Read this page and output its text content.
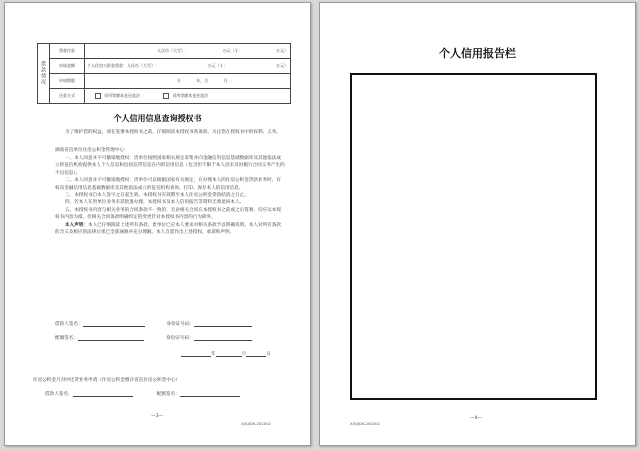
借款情况	贷款付款	人民币（大写）： 万元（￥： 万元）

	申请金额	个人住房公积金贷款：人民币（大写）： 万元（￥： 万元）

	申请期限	计 年，合 月
	还款方式	采用等额本息还款法 采用等额本金还款法
个人信用信息查询授权书
为了维护您的权益，请在签署本授权书之前，仔细阅读本授权书各条款，关注您在授权书中的权利、义务。
湖南省直单位住房公积金管理中心：
一、本人同意并不可撤销地授权：贵单位按照国家相关规定采集并向金融信用信息基础数据库及其他依法成立的征信机构提供本人个人信息和包括信贷信息在内的信用信息（包含但不限于本人因未及时履行合同义务产生的不良信息）。
二、本人同意并不可撤销地授权：贵单位可以根据国家有关规定，在办理本人的住房公积金贷款业务时，有权向金融信用信息基础数据库及其他依法成立的征信机构查询、打印、保存本人的信用信息。
三、本授权书自本人签字之日起生效。本授权书有效期至本人住房公积金贷款结清之日止。
四、若本人在贵单位业务未获批准办理，本授权书及本人信用报告等资料无须退回本人。
五、本授权书内容与相关业务的合同条款不一致的，无论相关合同在本授权书之前或之后签署，均应以本授权书内容为准。但相关合同条款明确约定的变更针对本授权书内容的行为除外。
本人声明：本人已仔细阅读上述所有条款，贵单位已应本人要求对相关条款予以明确说明。本人对所有条款的含义及相应的法律后果已全部通晓并充分理解。本人自愿作出上述授权、承诺和声明。
借款人签名：	身份证号码：
配偶签名：	身份证号码：
年	月	日
住房公积金月对冲还贷业务申请（住房公积金缴存省直住房公积金中心）
借款人签名：	配偶签名：
—3—
XJGJ/DK-202002
个人信用报告栏
XJGJ/DK-202002
—4—
